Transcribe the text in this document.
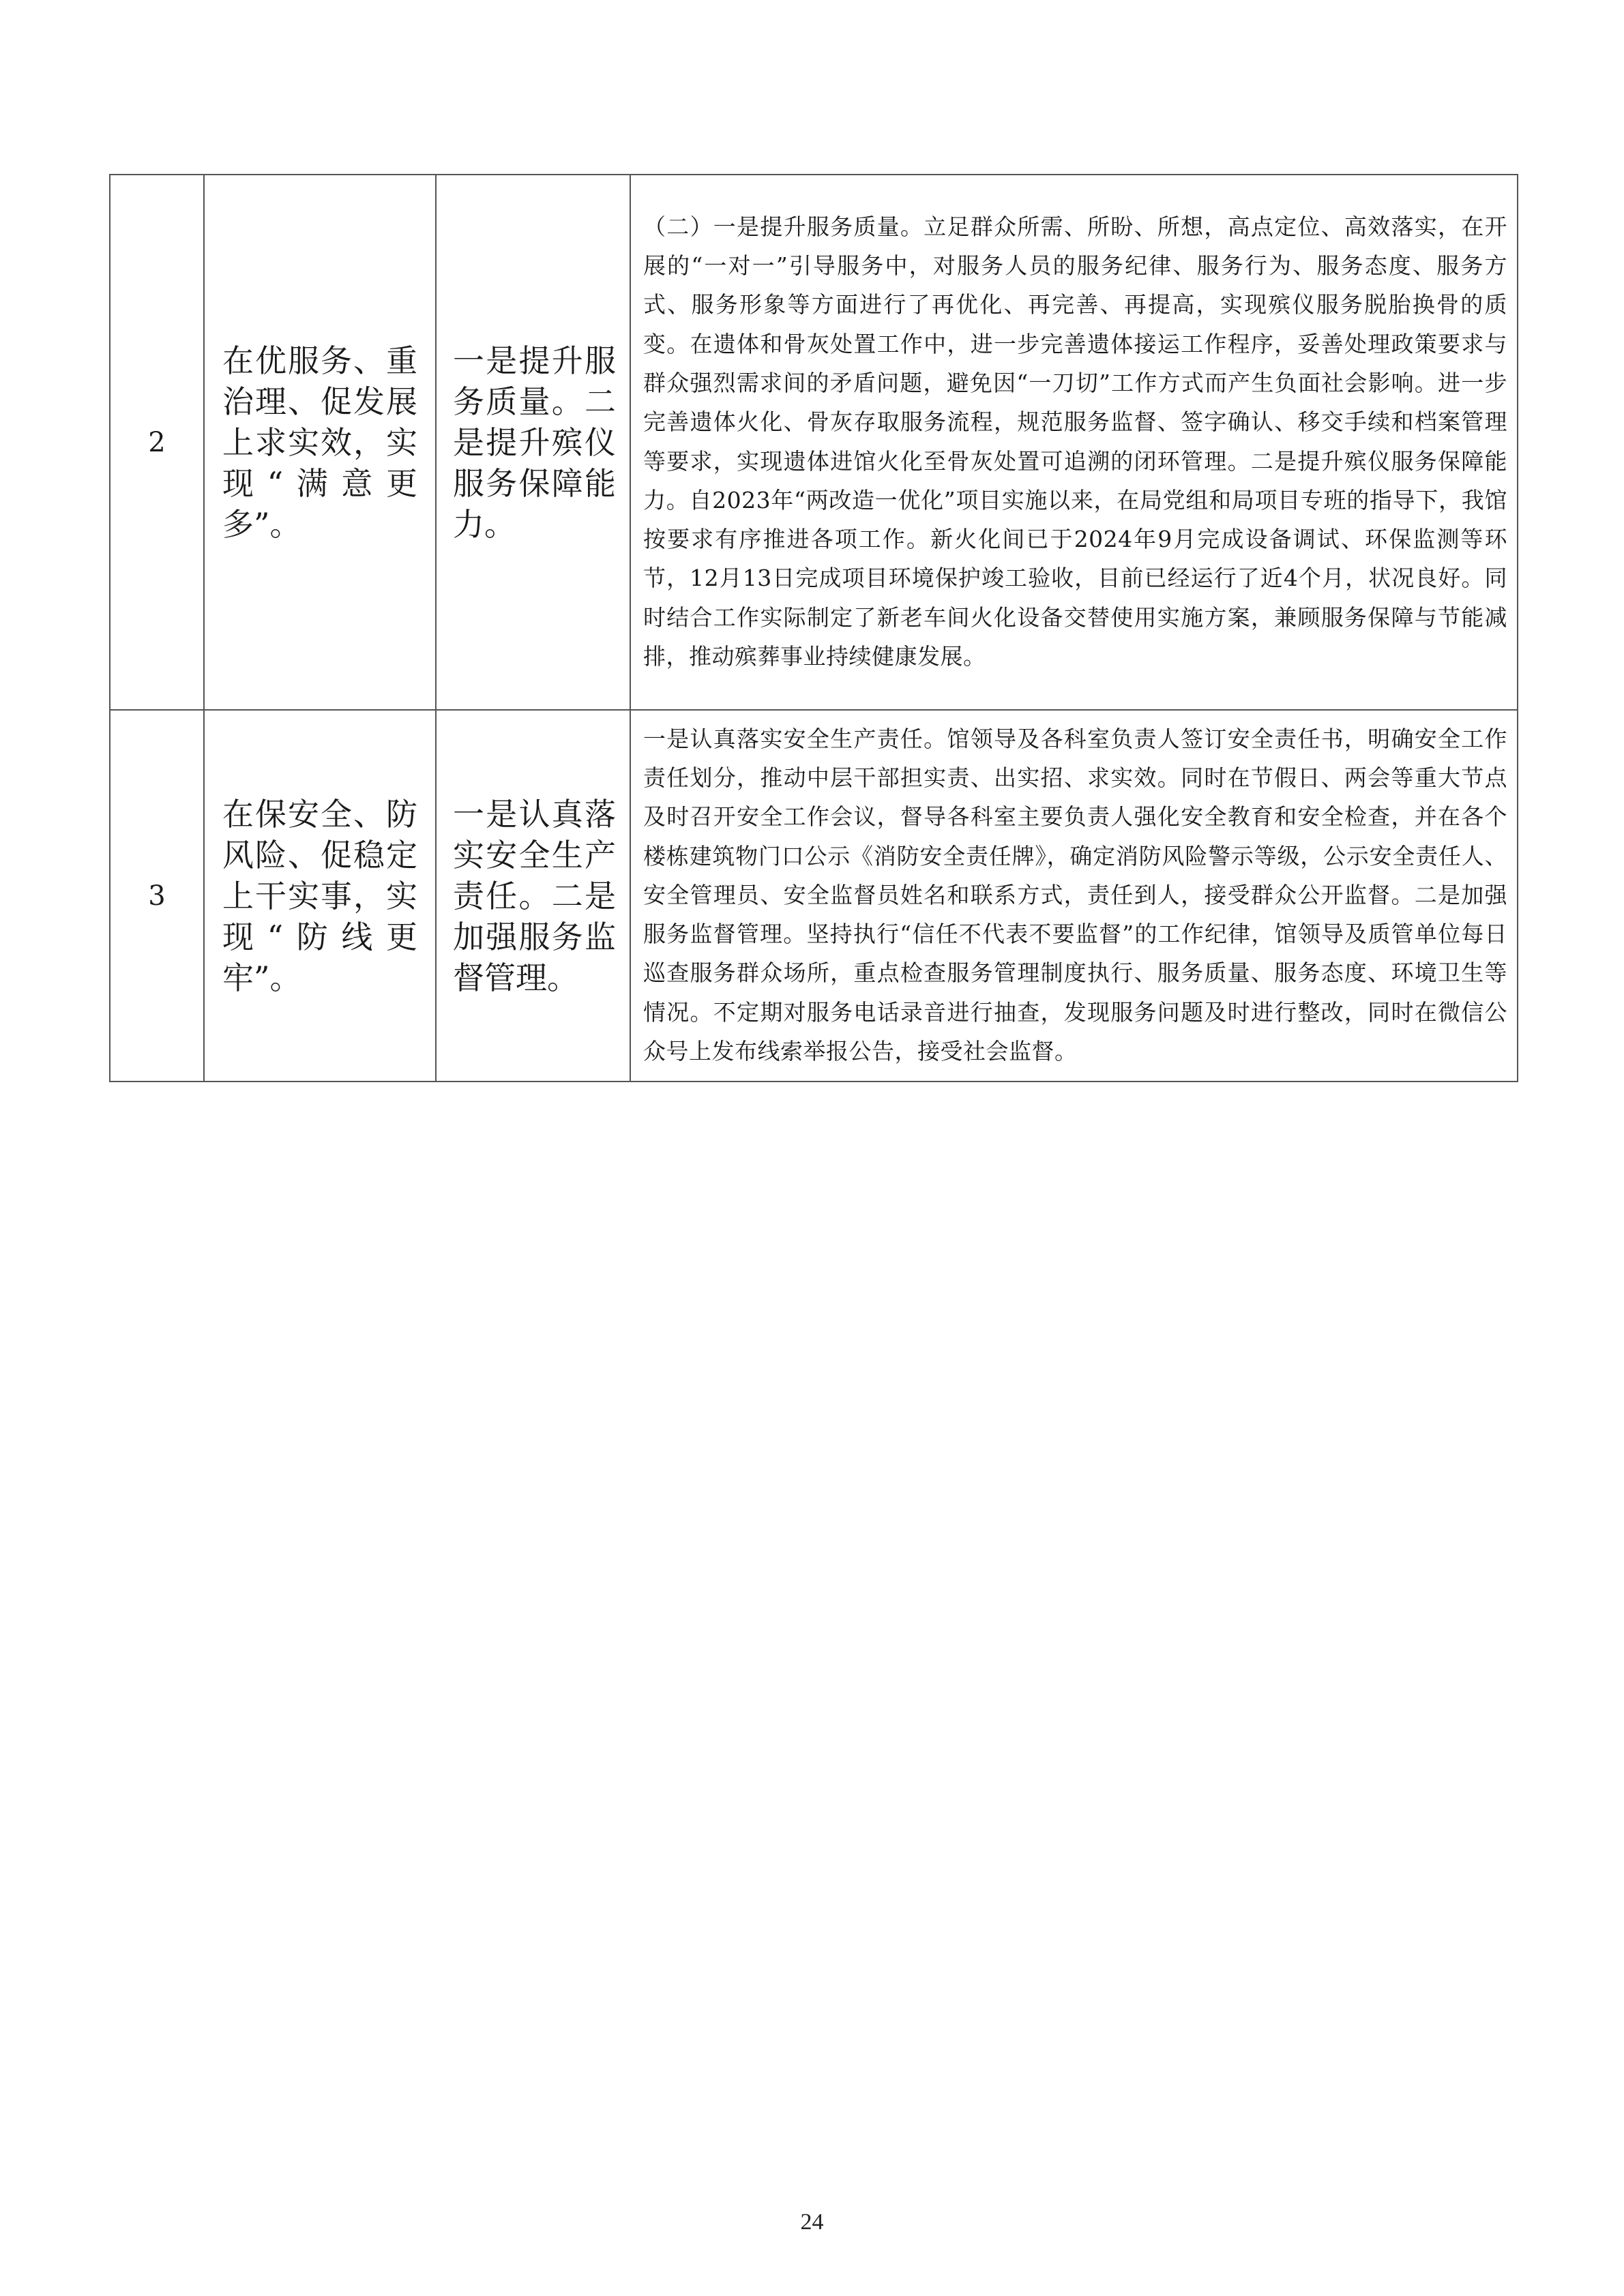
2	在优服务、重治理、促发展上求实效，实现“满意更多”。	一是提升服务质量。二是提升殡仪服务保障能力。	（二）一是提升服务质量。立足群众所需、所盼、所想，高点定位、高效落实，在开展的“一对一”引导服务中，对服务人员的服务纪律、服务行为、服务态度、服务方式、服务形象等方面进行了再优化、再完善、再提高，实现殡仪服务脱胎换骨的质变。在遗体和骨灰处置工作中，进一步完善遗体接运工作程序，妥善处理政策要求与群众强烈需求间的矛盾问题，避免因“一刀切”工作方式而产生负面社会影响。进一步完善遗体火化、骨灰存取服务流程，规范服务监督、签字确认、移交手续和档案管理等要求，实现遗体进馆火化至骨灰处置可追溯的闭环管理。二是提升殡仪服务保障能力。自2023年“两改造一优化”项目实施以来，在局党组和局项目专班的指导下，我馆按要求有序推进各项工作。新火化间已于2024年9月完成设备调试、环保监测等环节，12月13日完成项目环境保护竣工验收，目前已经运行了近4个月，状况良好。同时结合工作实际制定了新老车间火化设备交替使用实施方案，兼顾服务保障与节能减排，推动殡葬事业持续健康发展。

3	在保安全、防风险、促稳定上干实事，实现“防线更牢”。	一是认真落实安全生产责任。二是加强服务监督管理。	一是认真落实安全生产责任。馆领导及各科室负责人签订安全责任书，明确安全工作责任划分，推动中层干部担实责、出实招、求实效。同时在节假日、两会等重大节点及时召开安全工作会议，督导各科室主要负责人强化安全教育和安全检查，并在各个楼栋建筑物门口公示《消防安全责任牌》，确定消防风险警示等级，公示安全责任人、安全管理员、安全监督员姓名和联系方式，责任到人，接受群众公开监督。二是加强服务监督管理。坚持执行“信任不代表不要监督”的工作纪律，馆领导及质管单位每日巡查服务群众场所，重点检查服务管理制度执行、服务质量、服务态度、环境卫生等情况。不定期对服务电话录音进行抽查，发现服务问题及时进行整改，同时在微信公众号上发布线索举报公告，接受社会监督。
24
